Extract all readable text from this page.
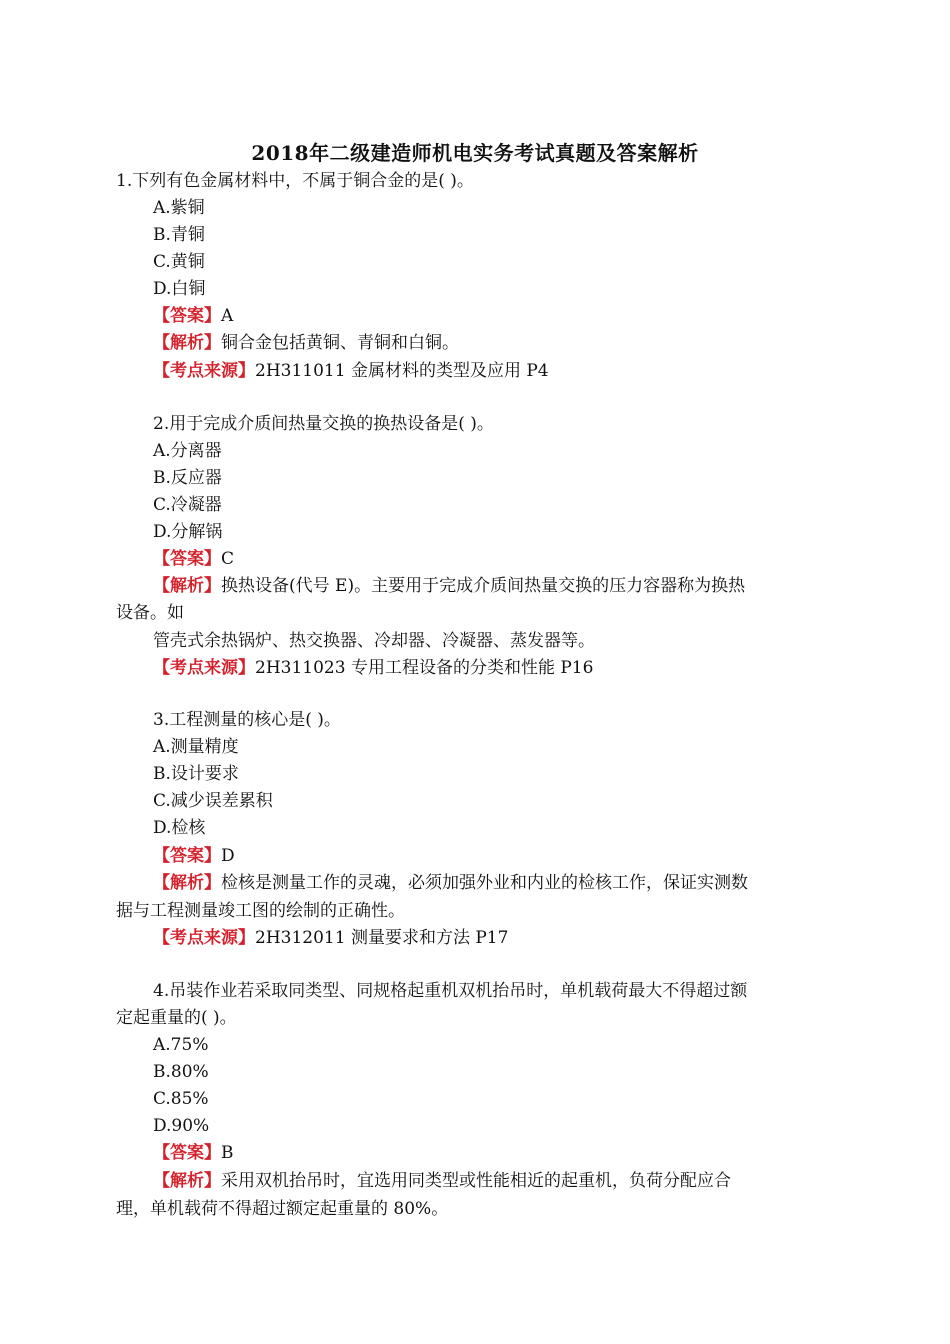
2018年二级建造师机电实务考试真题及答案解析
1.下列有色金属材料中，不属于铜合金的是( )。
A.紫铜
B.青铜
C.黄铜
D.白铜
【答案】A
【解析】铜合金包括黄铜、青铜和白铜。
【考点来源】2H311011 金属材料的类型及应用 P4
2.用于完成介质间热量交换的换热设备是( )。
A.分离器
B.反应器
C.冷凝器
D.分解锅
【答案】C
【解析】换热设备(代号 E)。主要用于完成介质间热量交换的压力容器称为换热
设备。如
管壳式余热锅炉、热交换器、冷却器、冷凝器、蒸发器等。
【考点来源】2H311023 专用工程设备的分类和性能 P16
3.工程测量的核心是( )。
A.测量精度
B.设计要求
C.减少误差累积
D.检核
【答案】D
【解析】检核是测量工作的灵魂，必须加强外业和内业的检核工作，保证实测数
据与工程测量竣工图的绘制的正确性。
【考点来源】2H312011 测量要求和方法 P17
4.吊装作业若采取同类型、同规格起重机双机抬吊时，单机载荷最大不得超过额
定起重量的( )。
A.75%
B.80%
C.85%
D.90%
【答案】B
【解析】采用双机抬吊时，宜选用同类型或性能相近的起重机，负荷分配应合
理，单机载荷不得超过额定起重量的 80%。
